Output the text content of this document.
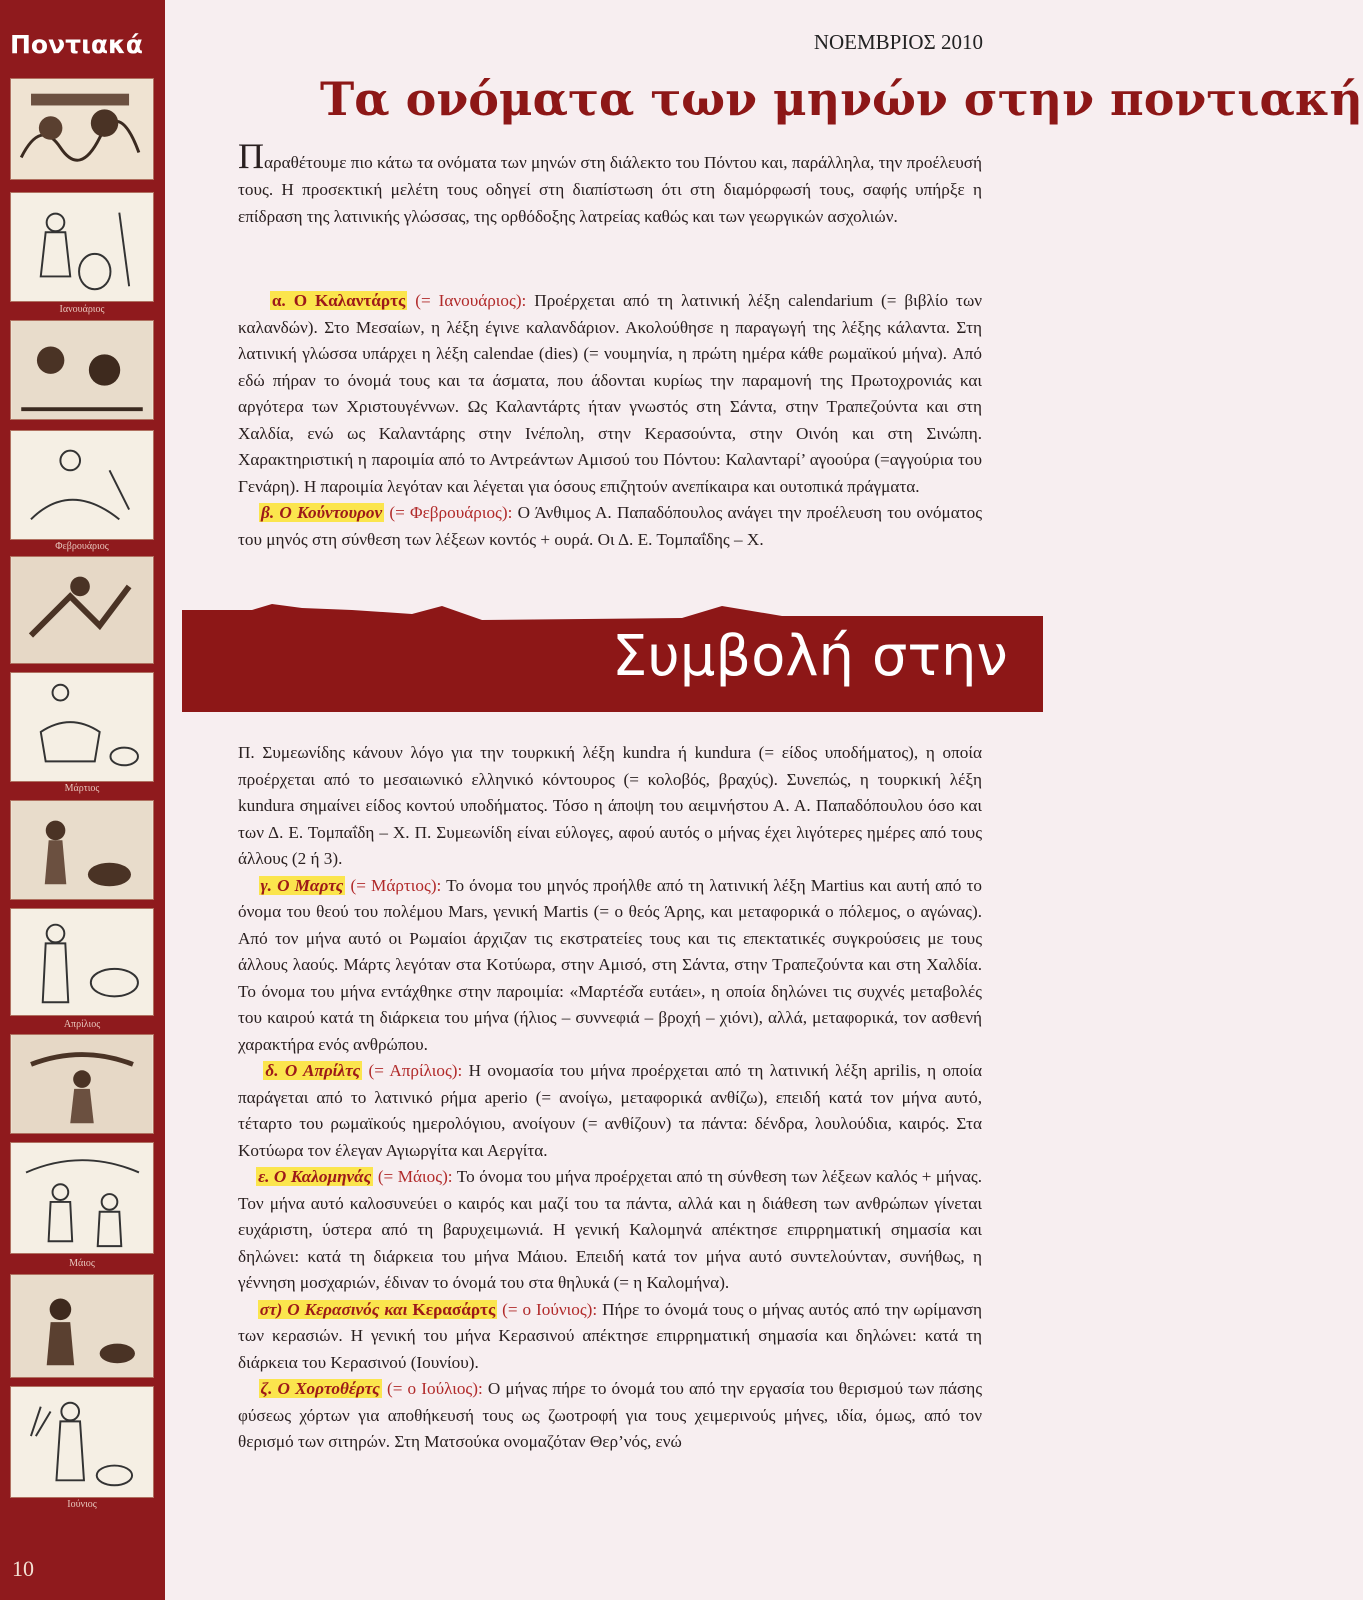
Ποντιακά
Ιανουάριος
Φεβρουάριος
Μάρτιος
Απρίλιος
Μάιος
Ιούνιος
10
ΝΟΕΜΒΡΙΟΣ 2010
Τα ονόματα των μηνών στην ποντιακή
Παραθέτουμε πιο κάτω τα ονόματα των μηνών στη διάλεκτο του Πόντου και, παράλληλα, την προέλευσή τους. Η προσεκτική μελέτη τους οδηγεί στη διαπίστωση ότι στη διαμόρφωσή τους, σαφής υπήρξε η επίδραση της λατινικής γλώσσας, της ορθόδοξης λατρείας καθώς και των γεωργικών ασχολιών.

α. Ο Καλαντάρτς (= Ιανουάριος): Προέρχεται από τη λατινική λέξη calendarium (= βιβλίο των καλανδών). Στο Μεσαίων, η λέξη έγινε καλανδάριον. Ακολούθησε η παραγωγή της λέξης κάλαντα. Στη λατινική γλώσσα υπάρχει η λέξη calendae (dies) (= νουμηνία, η πρώτη ημέρα κάθε ρωμαϊκού μήνα). Από εδώ πήραν το όνομά τους και τα άσματα, που άδονται κυρίως την παραμονή της Πρωτοχρονιάς και αργότερα των Χριστουγέννων. Ως Καλαντάρτς ήταν γνωστός στη Σάντα, στην Τραπεζούντα και στη Χαλδία, ενώ ως Καλαντάρης στην Ινέπολη, στην Κερασούντα, στην Οινόη και στη Σινώπη. Χαρακτηριστική η παροιμία από το Αντρεάντων Αμισού του Πόντου: Καλανταρί’ αγοούρα (=αγγούρια του Γενάρη). Η παροιμία λεγόταν και λέγεται για όσους επιζητούν ανεπίκαιρα και ουτοπικά πράγματα.

β. Ο Κούντουρον (= Φεβρουάριος): Ο Άνθιμος Α. Παπαδόπουλος ανάγει την προέλευση του ονόματος του μηνός στη σύνθεση των λέξεων κοντός + ουρά. Οι Δ. Ε. Τομπαΐδης – Χ.

Συμβολή στην

Π. Συμεωνίδης κάνουν λόγο για την τουρκική λέξη kundra ή kundura (= είδος υποδήματος), η οποία προέρχεται από το μεσαιωνικό ελληνικό κόντουρος (= κολοβός, βραχύς). Συνεπώς, η τουρκική λέξη kundura σημαίνει είδος κοντού υποδήματος. Τόσο η άποψη του αειμνήστου Α. Α. Παπαδόπουλου όσο και των Δ. Ε. Τομπαΐδη – Χ. Π. Συμεωνίδη είναι εύλογες, αφού αυτός ο μήνας έχει λιγότερες ημέρες από τους άλλους (2 ή 3).

γ. Ο Μαρτς (= Μάρτιος): Το όνομα του μηνός προήλθε από τη λατινική λέξη Martius και αυτή από το όνομα του θεού του πολέμου Mars, γενική Martis (= ο θεός Άρης, και μεταφορικά ο πόλεμος, ο αγώνας). Από τον μήνα αυτό οι Ρωμαίοι άρχιζαν τις εκστρατείες τους και τις επεκτατικές συγκρούσεις με τους άλλους λαούς. Μάρτς λεγόταν στα Κοτύωρα, στην Αμισό, στη Σάντα, στην Τραπεζούντα και στη Χαλδία. Το όνομα του μήνα εντάχθηκε στην παροιμία: «Μαρτέσ̌α ευτάει», η οποία δηλώνει τις συχνές μεταβολές του καιρού κατά τη διάρκεια του μήνα (ήλιος – συννεφιά – βροχή – χιόνι), αλλά, μεταφορικά, τον ασθενή χαρακτήρα ενός ανθρώπου.

δ. Ο Απρίλτς (= Απρίλιος): Η ονομασία του μήνα προέρχεται από τη λατινική λέξη aprilis, η οποία παράγεται από το λατινικό ρήμα aperio (= ανοίγω, μεταφορικά ανθίζω), επειδή κατά τον μήνα αυτό, τέταρτο του ρωμαϊκούς ημερολόγιου, ανοίγουν (= ανθίζουν) τα πάντα: δένδρα, λουλούδια, καιρός. Στα Κοτύωρα τον έλεγαν Αγιωργίτα και Αεργίτα.

ε. Ο Καλομηνάς (= Μάιος): Το όνομα του μήνα προέρχεται από τη σύνθεση των λέξεων καλός + μήνας. Τον μήνα αυτό καλοσυνεύει ο καιρός και μαζί του τα πάντα, αλλά και η διάθεση των ανθρώπων γίνεται ευχάριστη, ύστερα από τη βαρυχειμωνιά. Η γενική Καλομηνά απέκτησε επιρρηματική σημασία και δηλώνει: κατά τη διάρκεια του μήνα Μάιου. Επειδή κατά τον μήνα αυτό συντελούνταν, συνήθως, η γέννηση μοσχαριών, έδιναν το όνομά του στα θηλυκά (= η Καλομήνα).

στ) Ο Κερασινός και Κερασάρτς (= ο Ιούνιος): Πήρε το όνομά τους ο μήνας αυτός από την ωρίμανση των κερασιών. Η γενική του μήνα Κερασινού απέκτησε επιρρηματική σημασία και δηλώνει: κατά τη διάρκεια του Κερασινού (Ιουνίου).

ζ. Ο Χορτοθέρτς (= ο Ιούλιος): Ο μήνας πήρε το όνομά του από την εργασία του θερισμού των πάσης φύσεως χόρτων για αποθήκευσή τους ως ζωοτροφή για τους χειμερινούς μήνες, ιδία, όμως, από τον θερισμό των σιτηρών. Στη Ματσούκα ονομαζόταν Θερ’νός, ενώ
